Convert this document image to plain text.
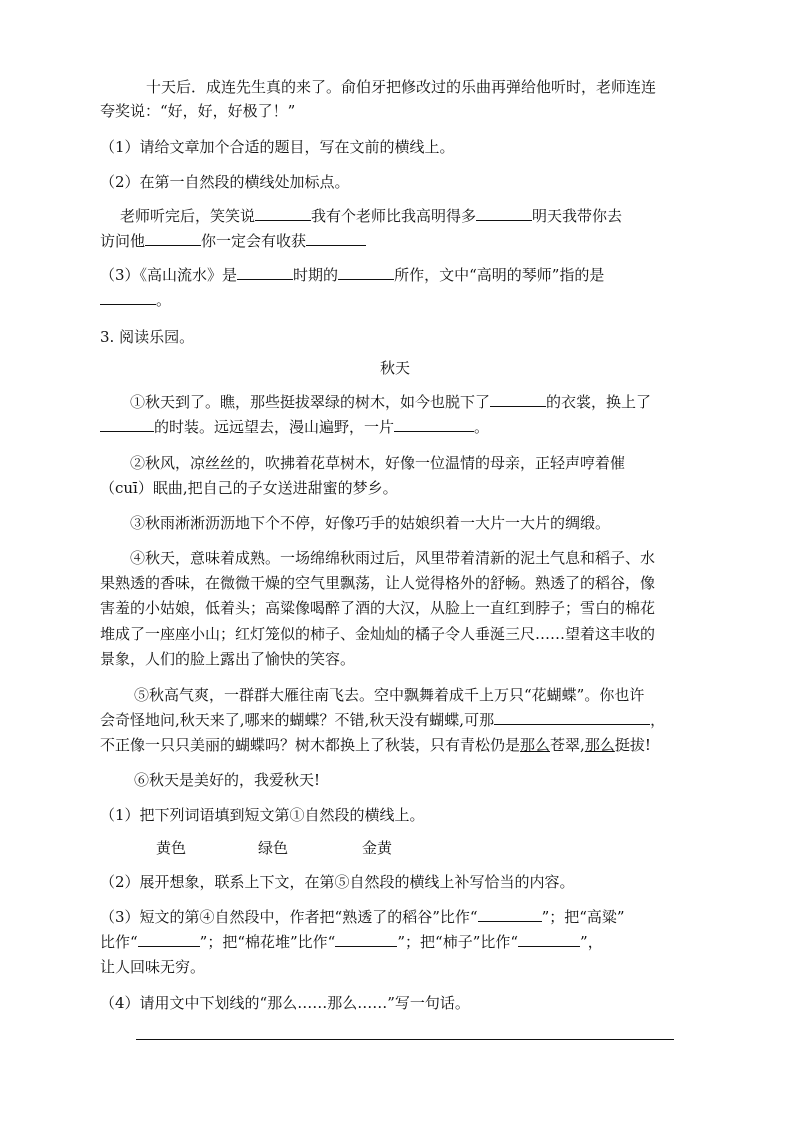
十天后．成连先生真的来了。俞伯牙把修改过的乐曲再弹给他听时，老师连连
夸奖说：“好，好，好极了！”
（1）请给文章加个合适的题目，写在文前的横线上。
（2）在第一自然段的横线处加标点。
老师听完后，笑笑说	我有个老师比我高明得多	明天我带你去
访问他	你一定会有收获
（3）《高山流水》是	时期的	所作，文中“高明的琴师”指的是
。
3. 阅读乐园。
秋天
①秋天到了。瞧，那些挺拔翠绿的树木，如今也脱下了	的衣裳，换上了
的时装。远远望去，漫山遍野，一片	。
②秋风，凉丝丝的，吹拂着花草树木，好像一位温情的母亲，正轻声哼着催
（cuī）眠曲,把自己的子女送进甜蜜的梦乡。
③秋雨淅淅沥沥地下个不停，好像巧手的姑娘织着一大片一大片的绸缎。
④秋天，意味着成熟。一场绵绵秋雨过后，风里带着清新的泥土气息和稻子、水
果熟透的香味，在微微干燥的空气里飘荡，让人觉得格外的舒畅。熟透了的稻谷，像
害羞的小姑娘，低着头；高粱像喝醉了酒的大汉，从脸上一直红到脖子；雪白的棉花
堆成了一座座小山；红灯笼似的柿子、金灿灿的橘子令人垂涎三尺……望着这丰收的
景象，人们的脸上露出了愉快的笑容。
⑤秋高气爽，一群群大雁往南飞去。空中飘舞着成千上万只“花蝴蝶”。你也许
会奇怪地问,秋天来了,哪来的蝴蝶？不错,秋天没有蝴蝶,可那	，
不正像一只只美丽的蝴蝶吗？树木都换上了秋装，只有青松仍是那么苍翠,那么挺拔!
⑥秋天是美好的，我爱秋天!
（1）把下列词语填到短文第①自然段的横线上。
黄色	绿色	金黄
（2）展开想象，联系上下文，在第⑤自然段的横线上补写恰当的内容。
（3）短文的第④自然段中，作者把“熟透了的稻谷”比作“	”；把“高粱”
比作“	”；把“棉花堆”比作“	”；把“柿子”比作“	”，
让人回味无穷。
（4）请用文中下划线的“那么……那么……”写一句话。
